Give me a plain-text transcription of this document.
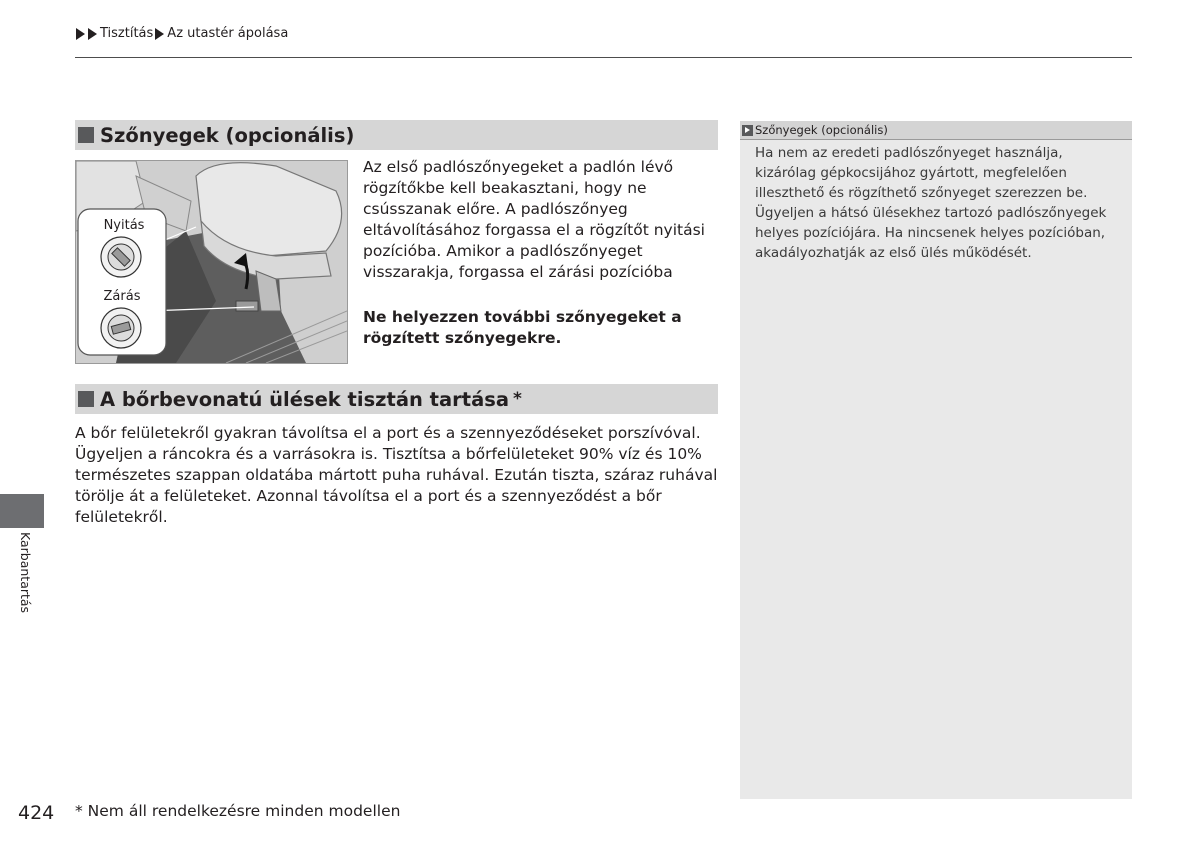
Tisztítás Az utastér ápolása
Szőnyegek (opcionális)
Nyitás
Zárás
Az első padlószőnyegeket a padlón lévő rögzítőkbe kell beakasztani, hogy ne csússzanak előre. A padlószőnyeg eltávolításához forgassa el a rögzítőt nyitási pozícióba. Amikor a padlószőnyeget visszarakja, forgassa el zárási pozícióba
Ne helyezzen további szőnyegeket a rögzített szőnyegekre.
A bőrbevonatú ülések tisztán tartása *
A bőr felületekről gyakran távolítsa el a port és a szennyeződéseket porszívóval. Ügyeljen a ráncokra és a varrásokra is. Tisztítsa a bőrfelületeket 90% víz és 10% természetes szappan oldatába mártott puha ruhával. Ezután tiszta, száraz ruhával törölje át a felületeket. Azonnal távolítsa el a port és a szennyeződést a bőr felületekről.
Szőnyegek (opcionális)
Ha nem az eredeti padlószőnyeget használja, kizárólag gépkocsijához gyártott, megfelelően illeszthető és rögzíthető szőnyeget szerezzen be.
Ügyeljen a hátsó ülésekhez tartozó padlószőnyegek helyes pozíciójára. Ha nincsenek helyes pozícióban, akadályozhatják az első ülés működését.
Karbantartás
424 * Nem áll rendelkezésre minden modellen
